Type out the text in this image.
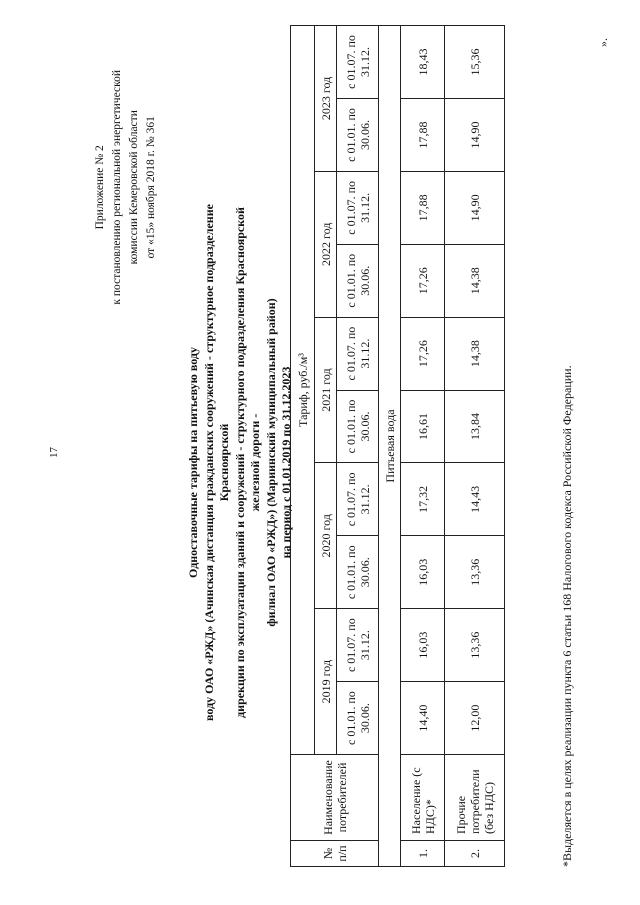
17
Приложение № 2 к постановлению региональной энергетической комиссии Кемеровской области от «15» ноября 2018 г. № 361
Одноставочные тарифы на питьевую воду воду ОАО «РЖД» (Ачинская дистанция гражданских сооружений - структурное подразделение Красноярской дирекции по эксплуатации зданий и сооружений - структурного подразделения Красноярской железной дороги - филиал ОАО «РЖД») (Мариинский муниципальный район) на период с 01.01.2019 по 31.12.2023
№ п/п	Наименование потребителей	Тариф, руб./м³									
		2019 год		2020 год		2021 год		2022 год		2023 год	
		с 01.01. по 30.06.	с 01.07. по 31.12.	с 01.01. по 30.06.	с 01.07. по 31.12.	с 01.01. по 30.06.	с 01.07. по 31.12.	с 01.01. по 30.06.	с 01.07. по 31.12.	с 01.01. по 30.06.	с 01.07. по 31.12.
Питьевая вода											
1.	Население (с НДС)*	14,40	16,03	16,03	17,32	16,61	17,26	17,26	17,88	17,88	18,43
2.	Прочие потребители (без НДС)	12,00	13,36	13,36	14,43	13,84	14,38	14,38	14,90	14,90	15,36
*Выделяется в целях реализации пункта 6 статьи 168 Налогового кодекса Российской Федерации.
».
